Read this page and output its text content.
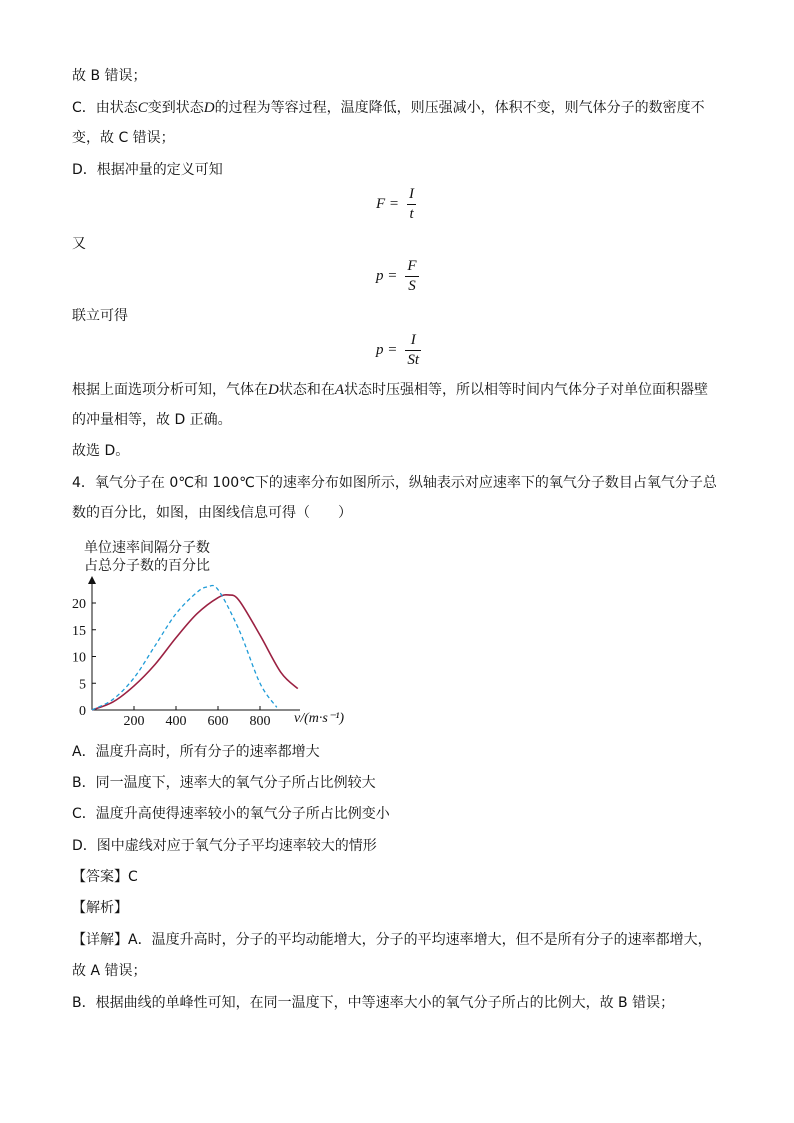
故 B 错误；
C．由状态C变到状态D的过程为等容过程，温度降低，则压强减小，体积不变，则气体分子的数密度不
变，故 C 错误；
D．根据冲量的定义可知
$F = \frac{I}{t}$
又
$p = \frac{F}{S}$
联立可得
$p = \frac{I}{St}$
根据上面选项分析可知，气体在D状态和在A状态时压强相等，所以相等时间内气体分子对单位面积器壁
的冲量相等，故 D 正确。
故选 D。
4．氧气分子在 0℃和 100℃下的速率分布如图所示，纵轴表示对应速率下的氧气分子数目占氧气分子总
数的百分比，如图，由图线信息可得（　　）
单位速率间隔分子数
占总分子数的百分比
0
5
10
15
20
200 400 600 800 v/(m·s⁻¹)
A．温度升高时，所有分子的速率都增大
B．同一温度下，速率大的氧气分子所占比例较大
C．温度升高使得速率较小的氧气分子所占比例变小
D．图中虚线对应于氧气分子平均速率较大的情形
【答案】C
【解析】
【详解】A．温度升高时，分子的平均动能增大，分子的平均速率增大，但不是所有分子的速率都增大，
故 A 错误；
B．根据曲线的单峰性可知，在同一温度下，中等速率大小的氧气分子所占的比例大，故 B 错误；
